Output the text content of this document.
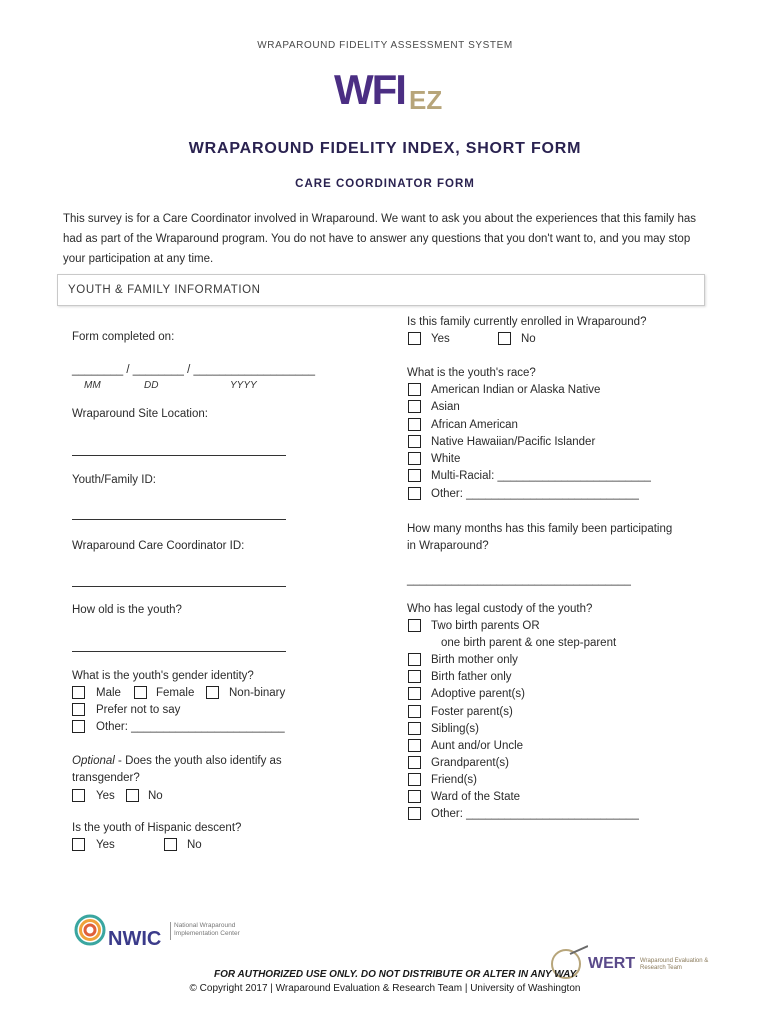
WRAPAROUND FIDELITY ASSESSMENT SYSTEM
WFI EZ
WRAPAROUND FIDELITY INDEX, SHORT FORM
CARE COORDINATOR FORM
This survey is for a Care Coordinator involved in Wraparound. We want to ask you about the experiences that this family has had as part of the Wraparound program. You do not have to answer any questions that you don't want to, and you may stop your participation at any time.
YOUTH & FAMILY INFORMATION
Form completed on:
________ / ________ / ___________________
MM	DD	YYYY
Wraparound Site Location:
Youth/Family ID:
Wraparound Care Coordinator ID:
How old is the youth?
What is the youth's gender identity?
Male	Female	Non-binary
Prefer not to say
Other: ________________________
Optional - Does the youth also identify as
transgender?
Yes	No
Is the youth of Hispanic descent?
Yes	No
Is this family currently enrolled in Wraparound?
Yes	No
What is the youth's race?
American Indian or Alaska Native
Asian
African American
Native Hawaiian/Pacific Islander
White
Multi-Racial: ________________________
Other: ___________________________
How many months has this family been participating
in Wraparound?
___________________________________
Who has legal custody of the youth?
Two birth parents OR
one birth parent & one step-parent
Birth mother only
Birth father only
Adoptive parent(s)
Foster parent(s)
Sibling(s)
Aunt and/or Uncle
Grandparent(s)
Friend(s)
Ward of the State
Other: ___________________________
NWIC
National Wraparound Implementation Center
WERT Wraparound Evaluation & Research Team
FOR AUTHORIZED USE ONLY. DO NOT DISTRIBUTE OR ALTER IN ANY WAY.
© Copyright 2017 | Wraparound Evaluation & Research Team | University of Washington
